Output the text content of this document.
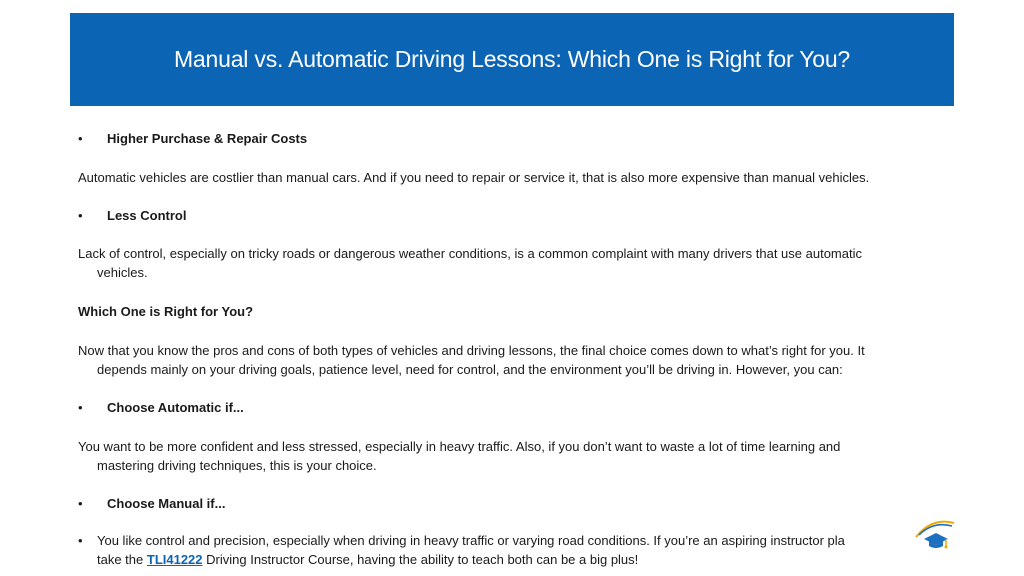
Manual vs. Automatic Driving Lessons: Which One is Right for You?
• Higher Purchase & Repair Costs
Automatic vehicles are costlier than manual cars. And if you need to repair or service it, that is also more expensive than manual vehicles.
• Less Control
Lack of control, especially on tricky roads or dangerous weather conditions, is a common complaint with many drivers that use automatic
vehicles.
Which One is Right for You?
Now that you know the pros and cons of both types of vehicles and driving lessons, the final choice comes down to what’s right for you. It
depends mainly on your driving goals, patience level, need for control, and the environment you’ll be driving in. However, you can:
• Choose Automatic if...
You want to be more confident and less stressed, especially in heavy traffic. Also, if you don’t want to waste a lot of time learning and
mastering driving techniques, this is your choice.
• Choose Manual if...
• You like control and precision, especially when driving in heavy traffic or varying road conditions. If you’re an aspiring instructor pla
take the TLI41222 Driving Instructor Course, having the ability to teach both can be a big plus!
